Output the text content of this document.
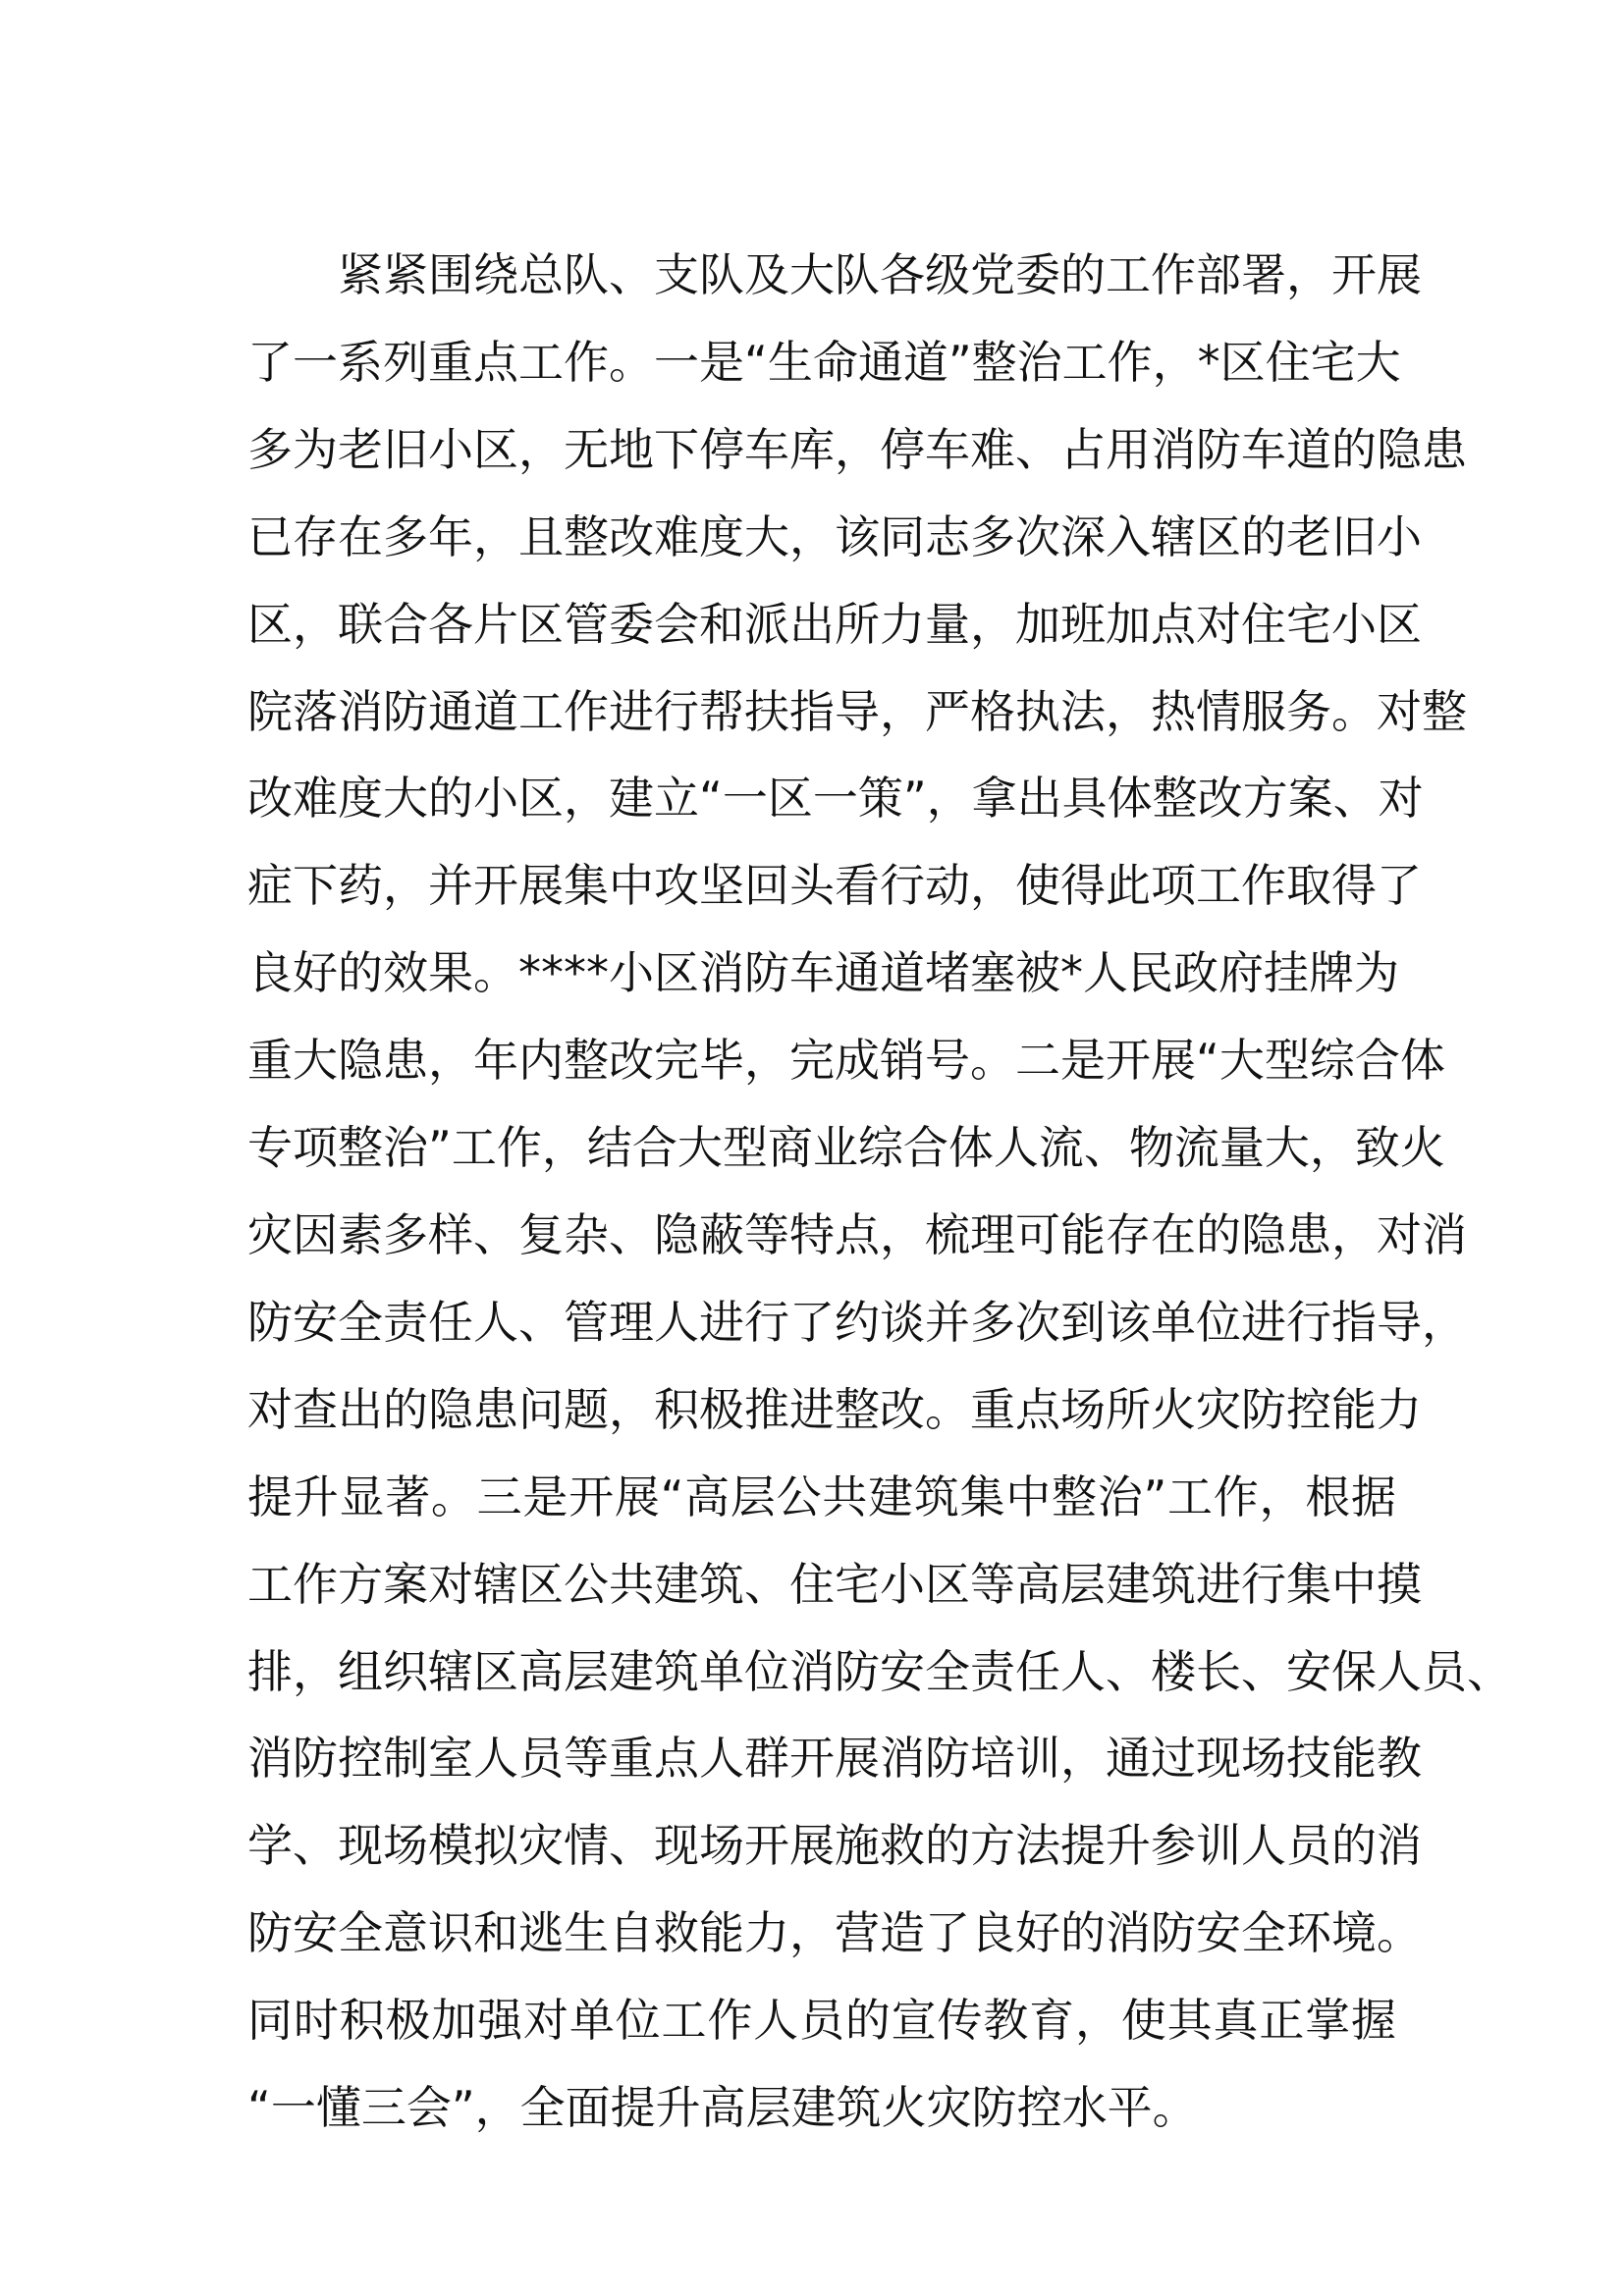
紧紧围绕总队、支队及大队各级党委的工作部署，开展
了一系列重点工作。一是“生命通道”整治工作，*区住宅大
多为老旧小区，无地下停车库，停车难、占用消防车道的隐患
已存在多年，且整改难度大，该同志多次深入辖区的老旧小
区，联合各片区管委会和派出所力量，加班加点对住宅小区
院落消防通道工作进行帮扶指导，严格执法，热情服务。对整
改难度大的小区，建立“一区一策”，拿出具体整改方案、对
症下药，并开展集中攻坚回头看行动，使得此项工作取得了
良好的效果。****小区消防车通道堵塞被*人民政府挂牌为
重大隐患，年内整改完毕，完成销号。二是开展“大型综合体
专项整治”工作，结合大型商业综合体人流、物流量大，致火
灾因素多样、复杂、隐蔽等特点，梳理可能存在的隐患，对消
防安全责任人、管理人进行了约谈并多次到该单位进行指导，
对查出的隐患问题，积极推进整改。重点场所火灾防控能力
提升显著。三是开展“高层公共建筑集中整治”工作，根据
工作方案对辖区公共建筑、住宅小区等高层建筑进行集中摸
排，组织辖区高层建筑单位消防安全责任人、楼长、安保人员、
消防控制室人员等重点人群开展消防培训，通过现场技能教
学、现场模拟灾情、现场开展施救的方法提升参训人员的消
防安全意识和逃生自救能力，营造了良好的消防安全环境。
同时积极加强对单位工作人员的宣传教育，使其真正掌握
“一懂三会”，全面提升高层建筑火灾防控水平。
